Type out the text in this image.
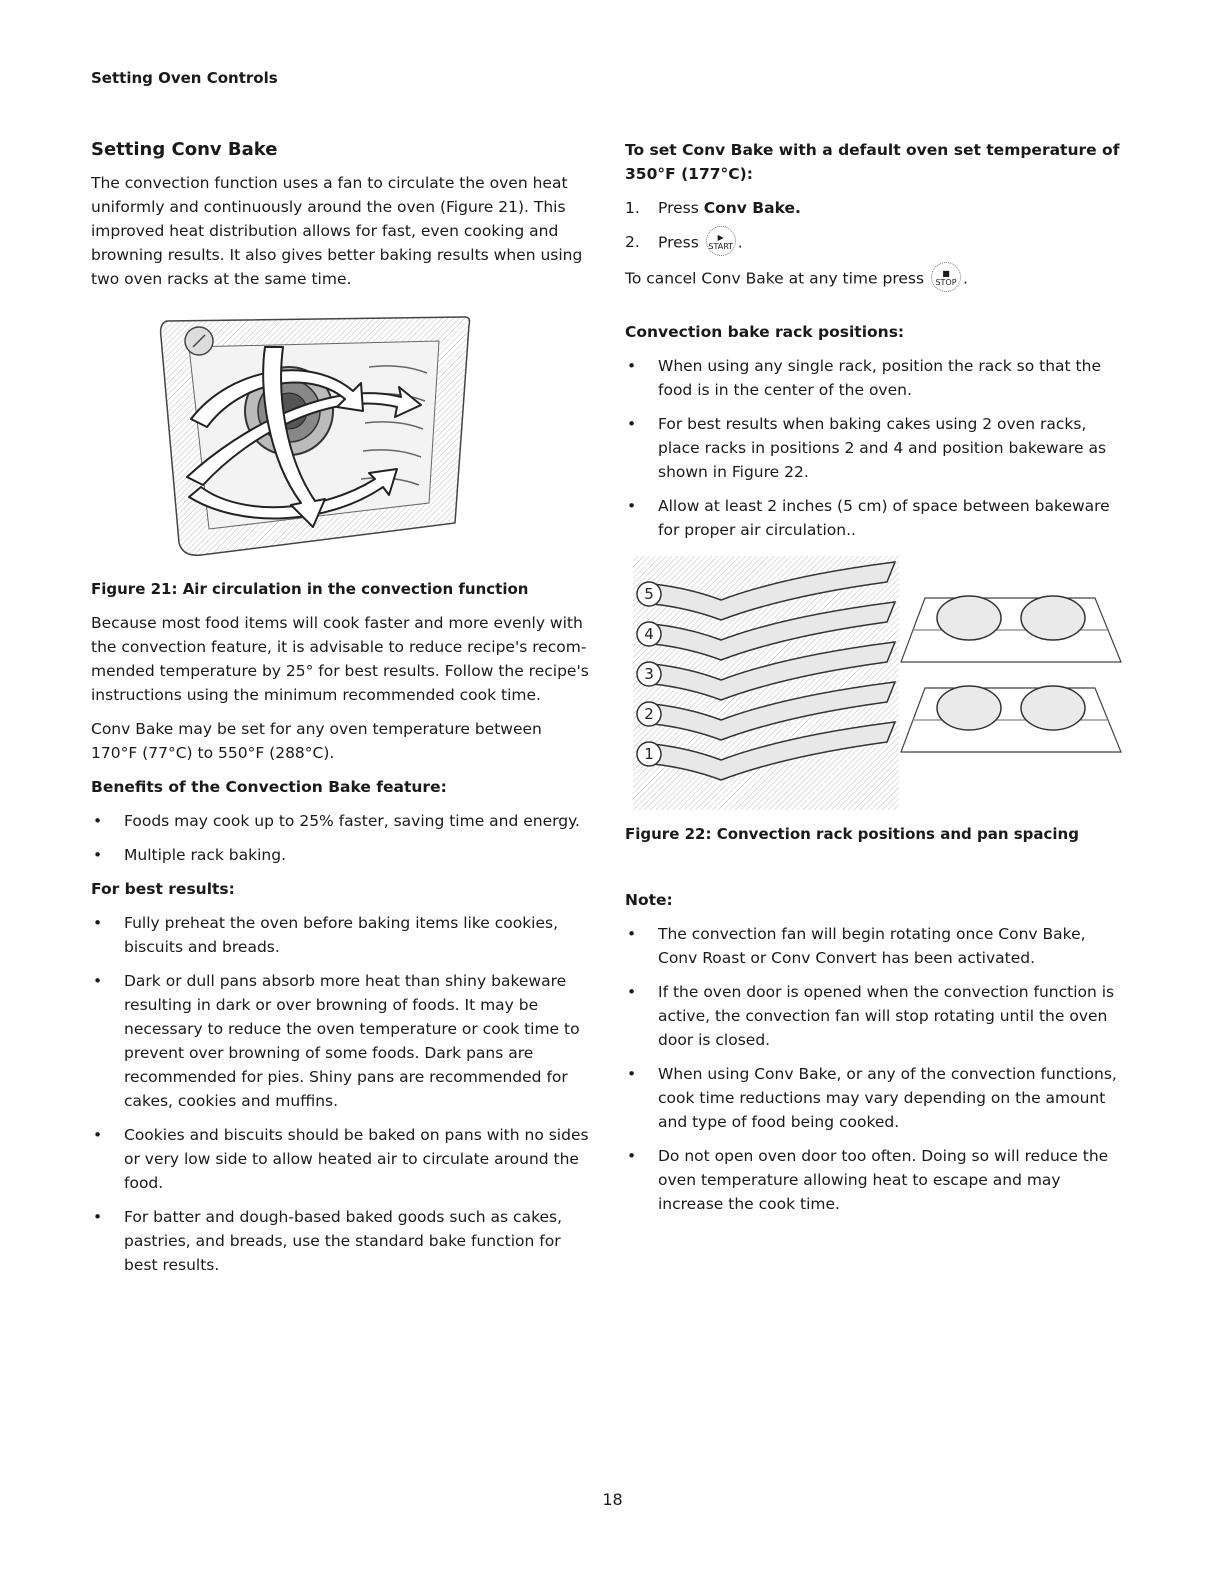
Setting Oven Controls
Setting Conv Bake

The convection function uses a fan to circulate the oven heat uniformly and continuously around the oven (Figure 21). This improved heat distribution allows for fast, even cooking and browning results. It also gives better baking results when using two oven racks at the same time.

Figure 21: Air circulation in the convection function

Because most food items will cook faster and more evenly with the convection feature, it is advisable to reduce recipe's recom-mended temperature by 25° for best results. Follow the recipe's instructions using the minimum recommended cook time.

Conv Bake may be set for any oven temperature between 170°F (77°C) to 550°F (288°C).

Benefits of the Convection Bake feature:
• Foods may cook up to 25% faster, saving time and energy.
• Multiple rack baking.
For best results:
• Fully preheat the oven before baking items like cookies, biscuits and breads.
• Dark or dull pans absorb more heat than shiny bakeware resulting in dark or over browning of foods. It may be necessary to reduce the oven temperature or cook time to prevent over browning of some foods. Dark pans are recommended for pies. Shiny pans are recommended for cakes, cookies and muffins.
• Cookies and biscuits should be baked on pans with no sides or very low side to allow heated air to circulate around the food.
• For batter and dough-based baked goods such as cakes, pastries, and breads, use the standard bake function for best results.
To set Conv Bake with a default oven set temperature of 350°F (177°C):
1. Press Conv Bake.
2. Press ▶
START .

To cancel Conv Bake at any time press ■
STOP .

Convection bake rack positions:
• When using any single rack, position the rack so that the food is in the center of the oven.
• For best results when baking cakes using 2 oven racks, place racks in positions 2 and 4 and position bakeware as shown in Figure 22.
• Allow at least 2 inches (5 cm) of space between bakeware for proper air circulation..
5
4
3
2
1
Figure 22: Convection rack positions and pan spacing
Note:
• The convection fan will begin rotating once Conv Bake, Conv Roast or Conv Convert has been activated.
• If the oven door is opened when the convection function is active, the convection fan will stop rotating until the oven door is closed.
• When using Conv Bake, or any of the convection functions, cook time reductions may vary depending on the amount and type of food being cooked.
• Do not open oven door too often. Doing so will reduce the oven temperature allowing heat to escape and may increase the cook time.
18
